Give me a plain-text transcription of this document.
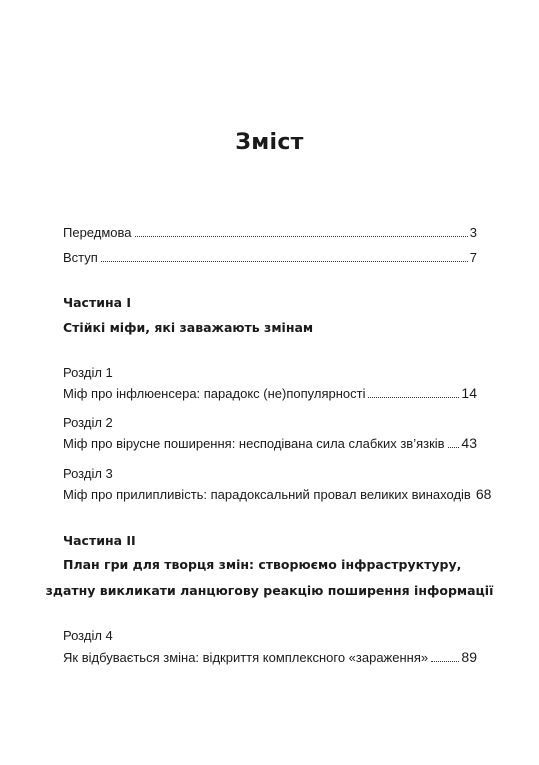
Зміст
Передмова	3
Вступ	7
Частина І
Стійкі міфи, які заважають змінам
Розділ 1
Міф про інфлюенсера: парадокс (не)популярності	14
Розділ 2
Міф про вірусне поширення: несподівана сила слабких зв’язків 43
Розділ 3
Міф про прилипливість: парадоксальний провал великих винаходів 68
Частина ІІ
План гри для творця змін: створюємо інфраструктуру,
здатну викликати ланцюгову реакцію поширення інформації
Розділ 4
Як відбувається зміна: відкриття комплексного «зараження» 89
